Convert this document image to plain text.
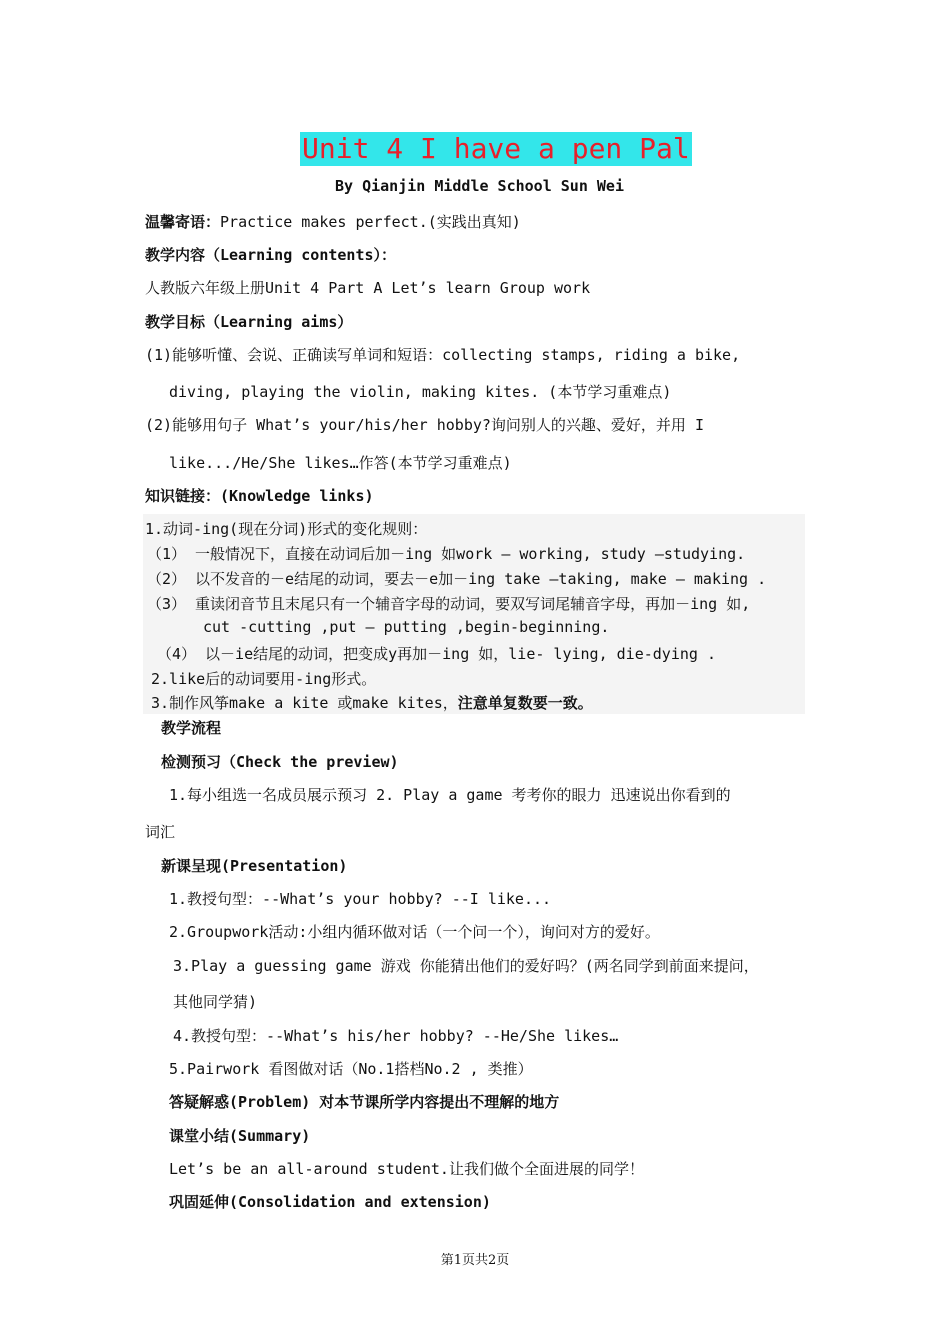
Unit 4 I have a pen Pal
By Qianjin Middle School Sun Wei
温馨寄语：Practice makes perfect.(实践出真知)
教学内容（Learning contents）：
人教版六年级上册Unit 4 Part A Let’s learn Group work
教学目标（Learning aims）
(1)能够听懂、会说、正确读写单词和短语：collecting stamps, riding a bike,
diving, playing the violin, making kites. (本节学习重难点)
(2)能够用句子 What’s your/his/her hobby?询问别人的兴趣、爱好，并用 I
like.../He/She likes…作答(本节学习重难点)
知识链接：(Knowledge links)
1.动词-ing(现在分词)形式的变化规则：
（1） 一般情况下，直接在动词后加－ing 如work – working, study –studying.
（2） 以不发音的－e结尾的动词，要去－e加－ing take –taking, make – making .
（3） 重读闭音节且末尾只有一个辅音字母的动词，要双写词尾辅音字母，再加－ing 如,
cut -cutting ,put – putting ,begin-beginning.
（4） 以－ie结尾的动词，把变成y再加－ing 如，lie- lying, die-dying .
2.like后的动词要用-ing形式。
3.制作风筝make a kite 或make kites，注意单复数要一致。
教学流程
检测预习（Check the preview)
1.每小组选一名成员展示预习 2. Play a game 考考你的眼力 迅速说出你看到的
词汇
新课呈现(Presentation)
1.教授句型：--What’s your hobby? --I like...
2.Groupwork活动:小组内循环做对话（一个问一个），询问对方的爱好。
3.Play a guessing game 游戏 你能猜出他们的爱好吗？(两名同学到前面来提问，
其他同学猜)
4.教授句型：--What’s his/her hobby? --He/She likes…
5.Pairwork 看图做对话（No.1搭档No.2 , 类推）
答疑解惑(Problem) 对本节课所学内容提出不理解的地方
课堂小结(Summary)
Let’s be an all-around student.让我们做个全面进展的同学！
巩固延伸(Consolidation and extension)
第1页共2页
